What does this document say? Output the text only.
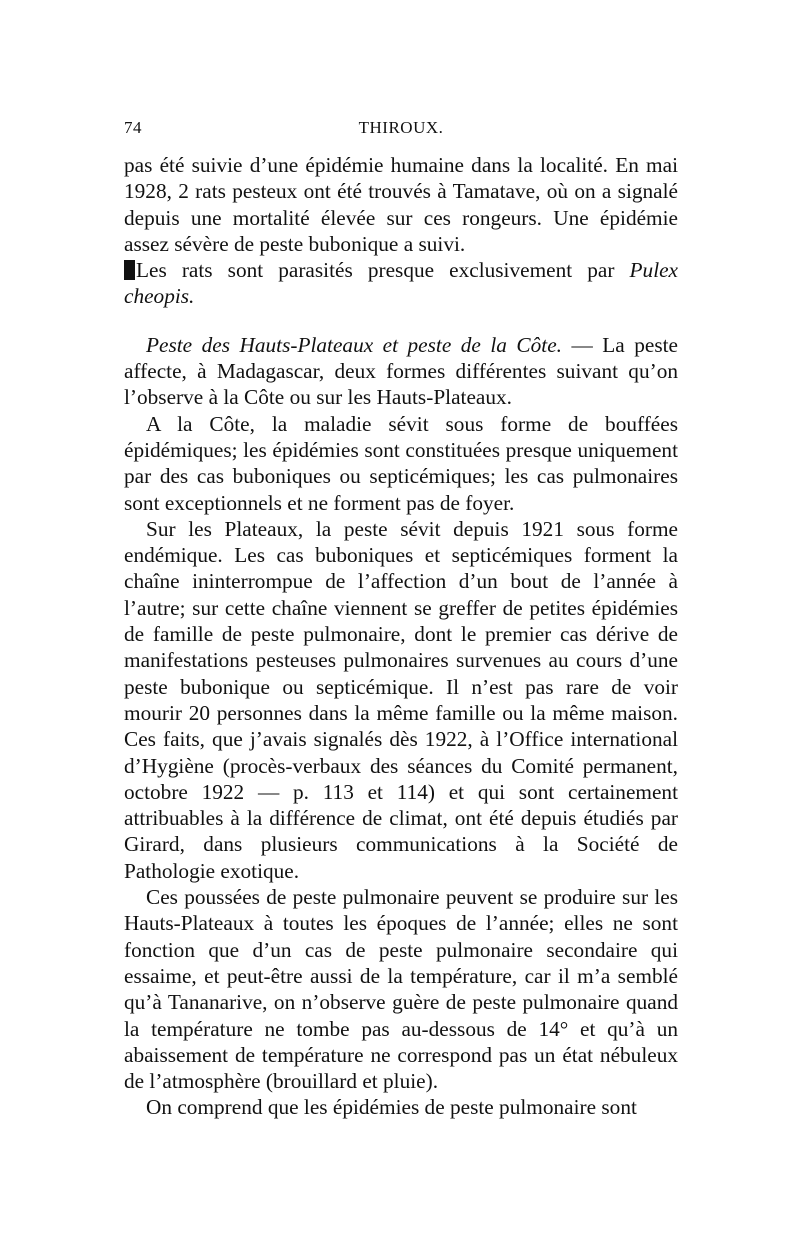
74	THIROUX.

pas été suivie d’une épidémie humaine dans la localité. En mai 1928, 2 rats pesteux ont été trouvés à Tamatave, où on a signalé depuis une mortalité élevée sur ces rongeurs. Une épidémie assez sévère de peste bubonique a suivi.

Les rats sont parasités presque exclusivement par Pulex cheopis.

Peste des Hauts-Plateaux et peste de la Côte. — La peste affecte, à Madagascar, deux formes différentes suivant qu’on l’observe à la Côte ou sur les Hauts-Plateaux.

A la Côte, la maladie sévit sous forme de bouffées épidémiques; les épidémies sont constituées presque uniquement par des cas buboniques ou septicémiques; les cas pulmonaires sont exceptionnels et ne forment pas de foyer.

Sur les Plateaux, la peste sévit depuis 1921 sous forme endémique. Les cas buboniques et septicémiques forment la chaîne ininterrompue de l’affection d’un bout de l’année à l’autre; sur cette chaîne viennent se greffer de petites épidémies de famille de peste pulmonaire, dont le premier cas dérive de manifestations pesteuses pulmonaires survenues au cours d’une peste bubonique ou septicémique. Il n’est pas rare de voir mourir 20 personnes dans la même famille ou la même maison. Ces faits, que j’avais signalés dès 1922, à l’Office international d’Hygiène (procès-verbaux des séances du Comité permanent, octobre 1922 — p. 113 et 114) et qui sont certainement attribuables à la différence de climat, ont été depuis étudiés par Girard, dans plusieurs communications à la Société de Pathologie exotique.

Ces poussées de peste pulmonaire peuvent se produire sur les Hauts-Plateaux à toutes les époques de l’année; elles ne sont fonction que d’un cas de peste pulmonaire secondaire qui essaime, et peut-être aussi de la température, car il m’a semblé qu’à Tananarive, on n’observe guère de peste pulmonaire quand la température ne tombe pas au-dessous de 14° et qu’à un abaissement de température ne correspond pas un état nébuleux de l’atmosphère (brouillard et pluie).

On comprend que les épidémies de peste pulmonaire sont
